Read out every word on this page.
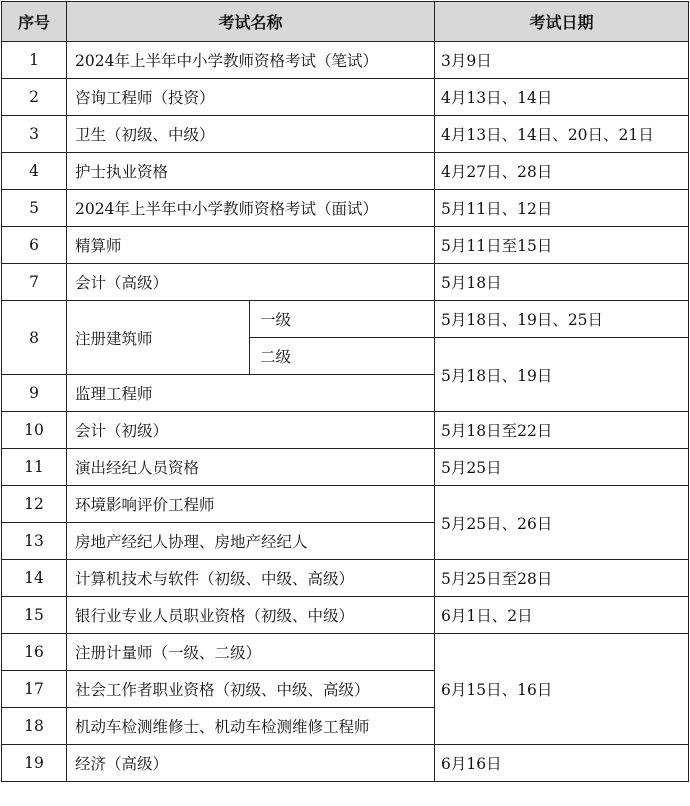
序号	考试名称		考试日期
1	2024年上半年中小学教师资格考试（笔试）		3月9日
2	咨询工程师（投资）		4月13日、14日
3	卫生（初级、中级）		4月13日、14日、20日、21日
4	护士执业资格		4月27日、28日
5	2024年上半年中小学教师资格考试（面试）		5月11日、12日
6	精算师		5月11日至15日
7	会计（高级）		5月18日
8	注册建筑师	一级	5月18日、19日、25日
		二级	5月18日、19日
9	监理工程师		
10	会计（初级）		5月18日至22日
11	演出经纪人员资格		5月25日
12	环境影响评价工程师		5月25日、26日
13	房地产经纪人协理、房地产经纪人		
14	计算机技术与软件（初级、中级、高级）		5月25日至28日
15	银行业专业人员职业资格（初级、中级）		6月1日、2日
16	注册计量师（一级、二级）		6月15日、16日
17	社会工作者职业资格（初级、中级、高级）		
18	机动车检测维修士、机动车检测维修工程师		
19	经济（高级）		6月16日
